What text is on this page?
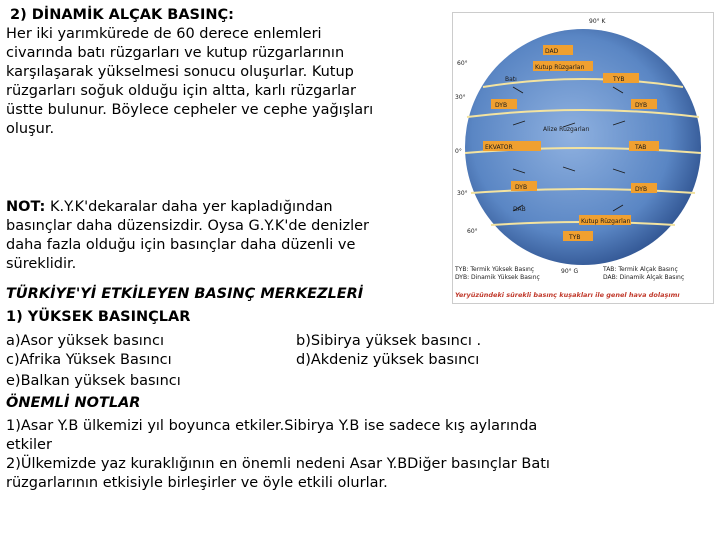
2) DİNAMİK ALÇAK BASINÇ:
Her iki yarımkürede de 60 derece enlemleri
civarında batı rüzgarları ve kutup rüzgarlarının
karşılaşarak yükselmesi sonucu oluşurlar. Kutup
rüzgarları soğuk olduğu için altta, karlı rüzgarlar
üstte bulunur. Böylece cepheler ve cephe yağışları
oluşur.
NOT: K.Y.K'dekaralar daha yer kapladığından
basınçlar daha düzensizdir. Oysa G.Y.K'de denizler
daha fazla olduğu için basınçlar daha düzenli ve
süreklidir.
TÜRKİYE'Yİ ETKİLEYEN BASINÇ MERKEZLERİ
1) YÜKSEK BASINÇLAR
a)Asor yüksek basıncı	b)Sibirya yüksek basıncı .
c)Afrika Yüksek Basıncı	d)Akdeniz yüksek basıncı
e)Balkan yüksek basıncı
ÖNEMLİ NOTLAR
1)Asar Y.B ülkemizi yıl boyunca etkiler.Sibirya Y.B ise sadece kış aylarında
etkiler
2)Ülkemizde yaz kuraklığının en önemli nedeni Asar Y.BDiğer basınçlar Batı
rüzgarlarının etkisiyle birleşirler ve öyle etkili olurlar.
90° K
60°
30°
0°
30°
60°
90° G
DAD
Kutup Rüzgarları
TYB
Batı
DYB	DYB
Alize Rüzgarları
EKVATOR	TAB
DYB	DYB
DAB
Kutup Rüzgarları
TYB
TYB: Termik Yüksek Basınç
DYB: Dinamik Yüksek Basınç
TAB: Termik Alçak Basınç
DAB: Dinamik Alçak Basınç
Yeryüzündeki sürekli basınç kuşakları ile genel hava dolaşımı
